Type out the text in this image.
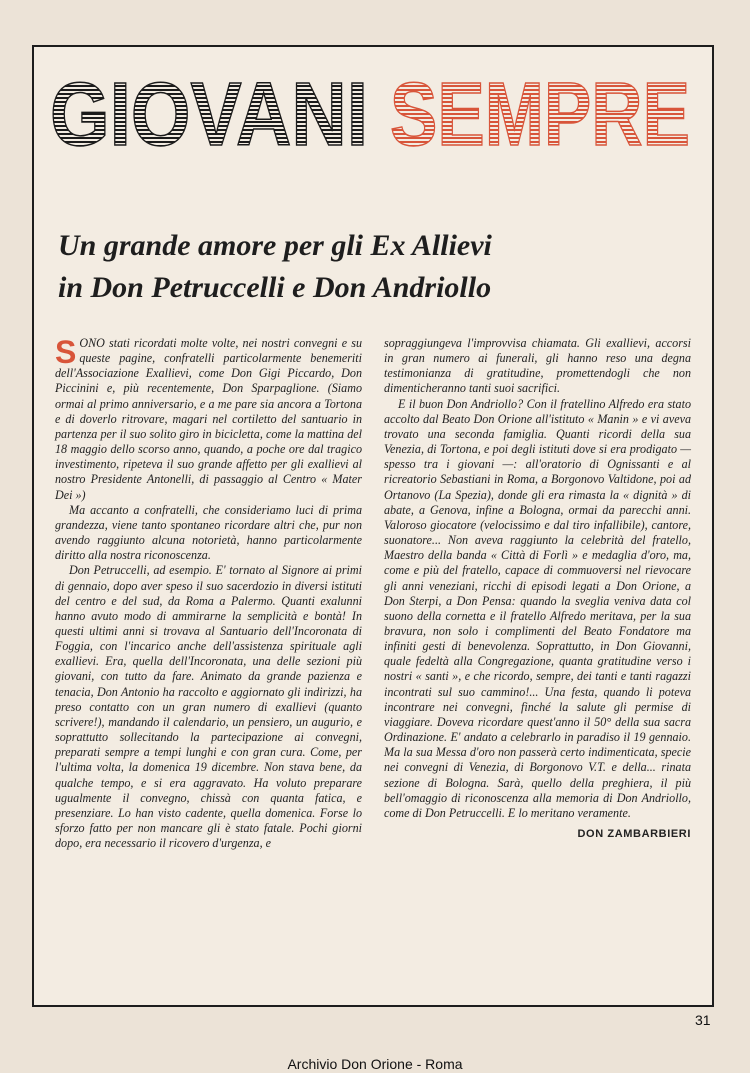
GIOVANI SEMPRE
Un grande amore per gli Ex Allievi
in Don Petruccelli e Don Andriollo

SONO stati ricordati molte volte, nei nostri convegni e su queste pagine, confratelli particolarmente benemeriti dell'Associazione Exallievi, come Don Gigi Piccardo, Don Piccinini e, più recentemente, Don Sparpaglione. (Siamo ormai al primo anniversario, e a me pare sia ancora a Tortona e di doverlo ritrovare, magari nel cortiletto del santuario in partenza per il suo solito giro in bicicletta, come la mattina del 18 maggio dello scorso anno, quando, a poche ore dal tragico investimento, ripeteva il suo grande affetto per gli exallievi al nostro Presidente Antonelli, di passaggio al Centro « Mater Dei »)

Ma accanto a confratelli, che consideriamo luci di prima grandezza, viene tanto spontaneo ricordare altri che, pur non avendo raggiunto alcuna notorietà, hanno particolarmente diritto alla nostra riconoscenza.

Don Petruccelli, ad esempio. E' tornato al Signore ai primi di gennaio, dopo aver speso il suo sacerdozio in diversi istituti del centro e del sud, da Roma a Palermo. Quanti exalunni hanno avuto modo di ammirarne la semplicità e bontà! In questi ultimi anni si trovava al Santuario dell'Incoronata di Foggia, con l'incarico anche dell'assistenza spirituale agli exallievi. Era, quella dell'Incoronata, una delle sezioni più giovani, con tutto da fare. Animato da grande pazienza e tenacia, Don Antonio ha raccolto e aggiornato gli indirizzi, ha preso contatto con un gran numero di exallievi (quanto scrivere!), mandando il calendario, un pensiero, un augurio, e soprattutto sollecitando la partecipazione ai convegni, preparati sempre a tempi lunghi e con gran cura. Come, per l'ultima volta, la domenica 19 dicembre. Non stava bene, da qualche tempo, e si era aggravato. Ha voluto preparare ugualmente il convegno, chissà con quanta fatica, e presenziare. Lo han visto cadente, quella domenica. Forse lo sforzo fatto per non mancare gli è stato fatale. Pochi giorni dopo, era necessario il ricovero d'urgenza, e

sopraggiungeva l'improvvisa chiamata. Gli exallievi, accorsi in gran numero ai funerali, gli hanno reso una degna testimonianza di gratitudine, promettendogli che non dimenticheranno tanti suoi sacrifici.

E il buon Don Andriollo? Con il fratellino Alfredo era stato accolto dal Beato Don Orione all'istituto « Manin » e vi aveva trovato una seconda famiglia. Quanti ricordi della sua Venezia, di Tortona, e poi degli istituti dove si era prodigato — spesso tra i giovani —: all'oratorio di Ognissanti e al ricreatorio Sebastiani in Roma, a Borgonovo Valtidone, poi ad Ortanovo (La Spezia), donde gli era rimasta la « dignità » di abate, a Genova, infine a Bologna, ormai da parecchi anni. Valoroso giocatore (velocissimo e dal tiro infallibile), cantore, suonatore... Non aveva raggiunto la celebrità del fratello, Maestro della banda « Città di Forlì » e medaglia d'oro, ma, come e più del fratello, capace di commuoversi nel rievocare gli anni veneziani, ricchi di episodi legati a Don Orione, a Don Sterpi, a Don Pensa: quando la sveglia veniva data col suono della cornetta e il fratello Alfredo meritava, per la sua bravura, non solo i complimenti del Beato Fondatore ma infiniti gesti di benevolenza. Soprattutto, in Don Giovanni, quale fedeltà alla Congregazione, quanta gratitudine verso i nostri « santi », e che ricordo, sempre, dei tanti e tanti ragazzi incontrati sul suo cammino!... Una festa, quando li poteva incontrare nei convegni, finché la salute gli permise di viaggiare. Doveva ricordare quest'anno il 50° della sua sacra Ordinazione. E' andato a celebrarlo in paradiso il 19 gennaio. Ma la sua Messa d'oro non passerà certo indimenticata, specie nei convegni di Venezia, di Borgonovo V.T. e della... rinata sezione di Bologna. Sarà, quello della preghiera, il più bell'omaggio di riconoscenza alla memoria di Don Andriollo, come di Don Petruccelli. E lo meritano veramente.

DON ZAMBARBIERI
31
Archivio Don Orione - Roma
